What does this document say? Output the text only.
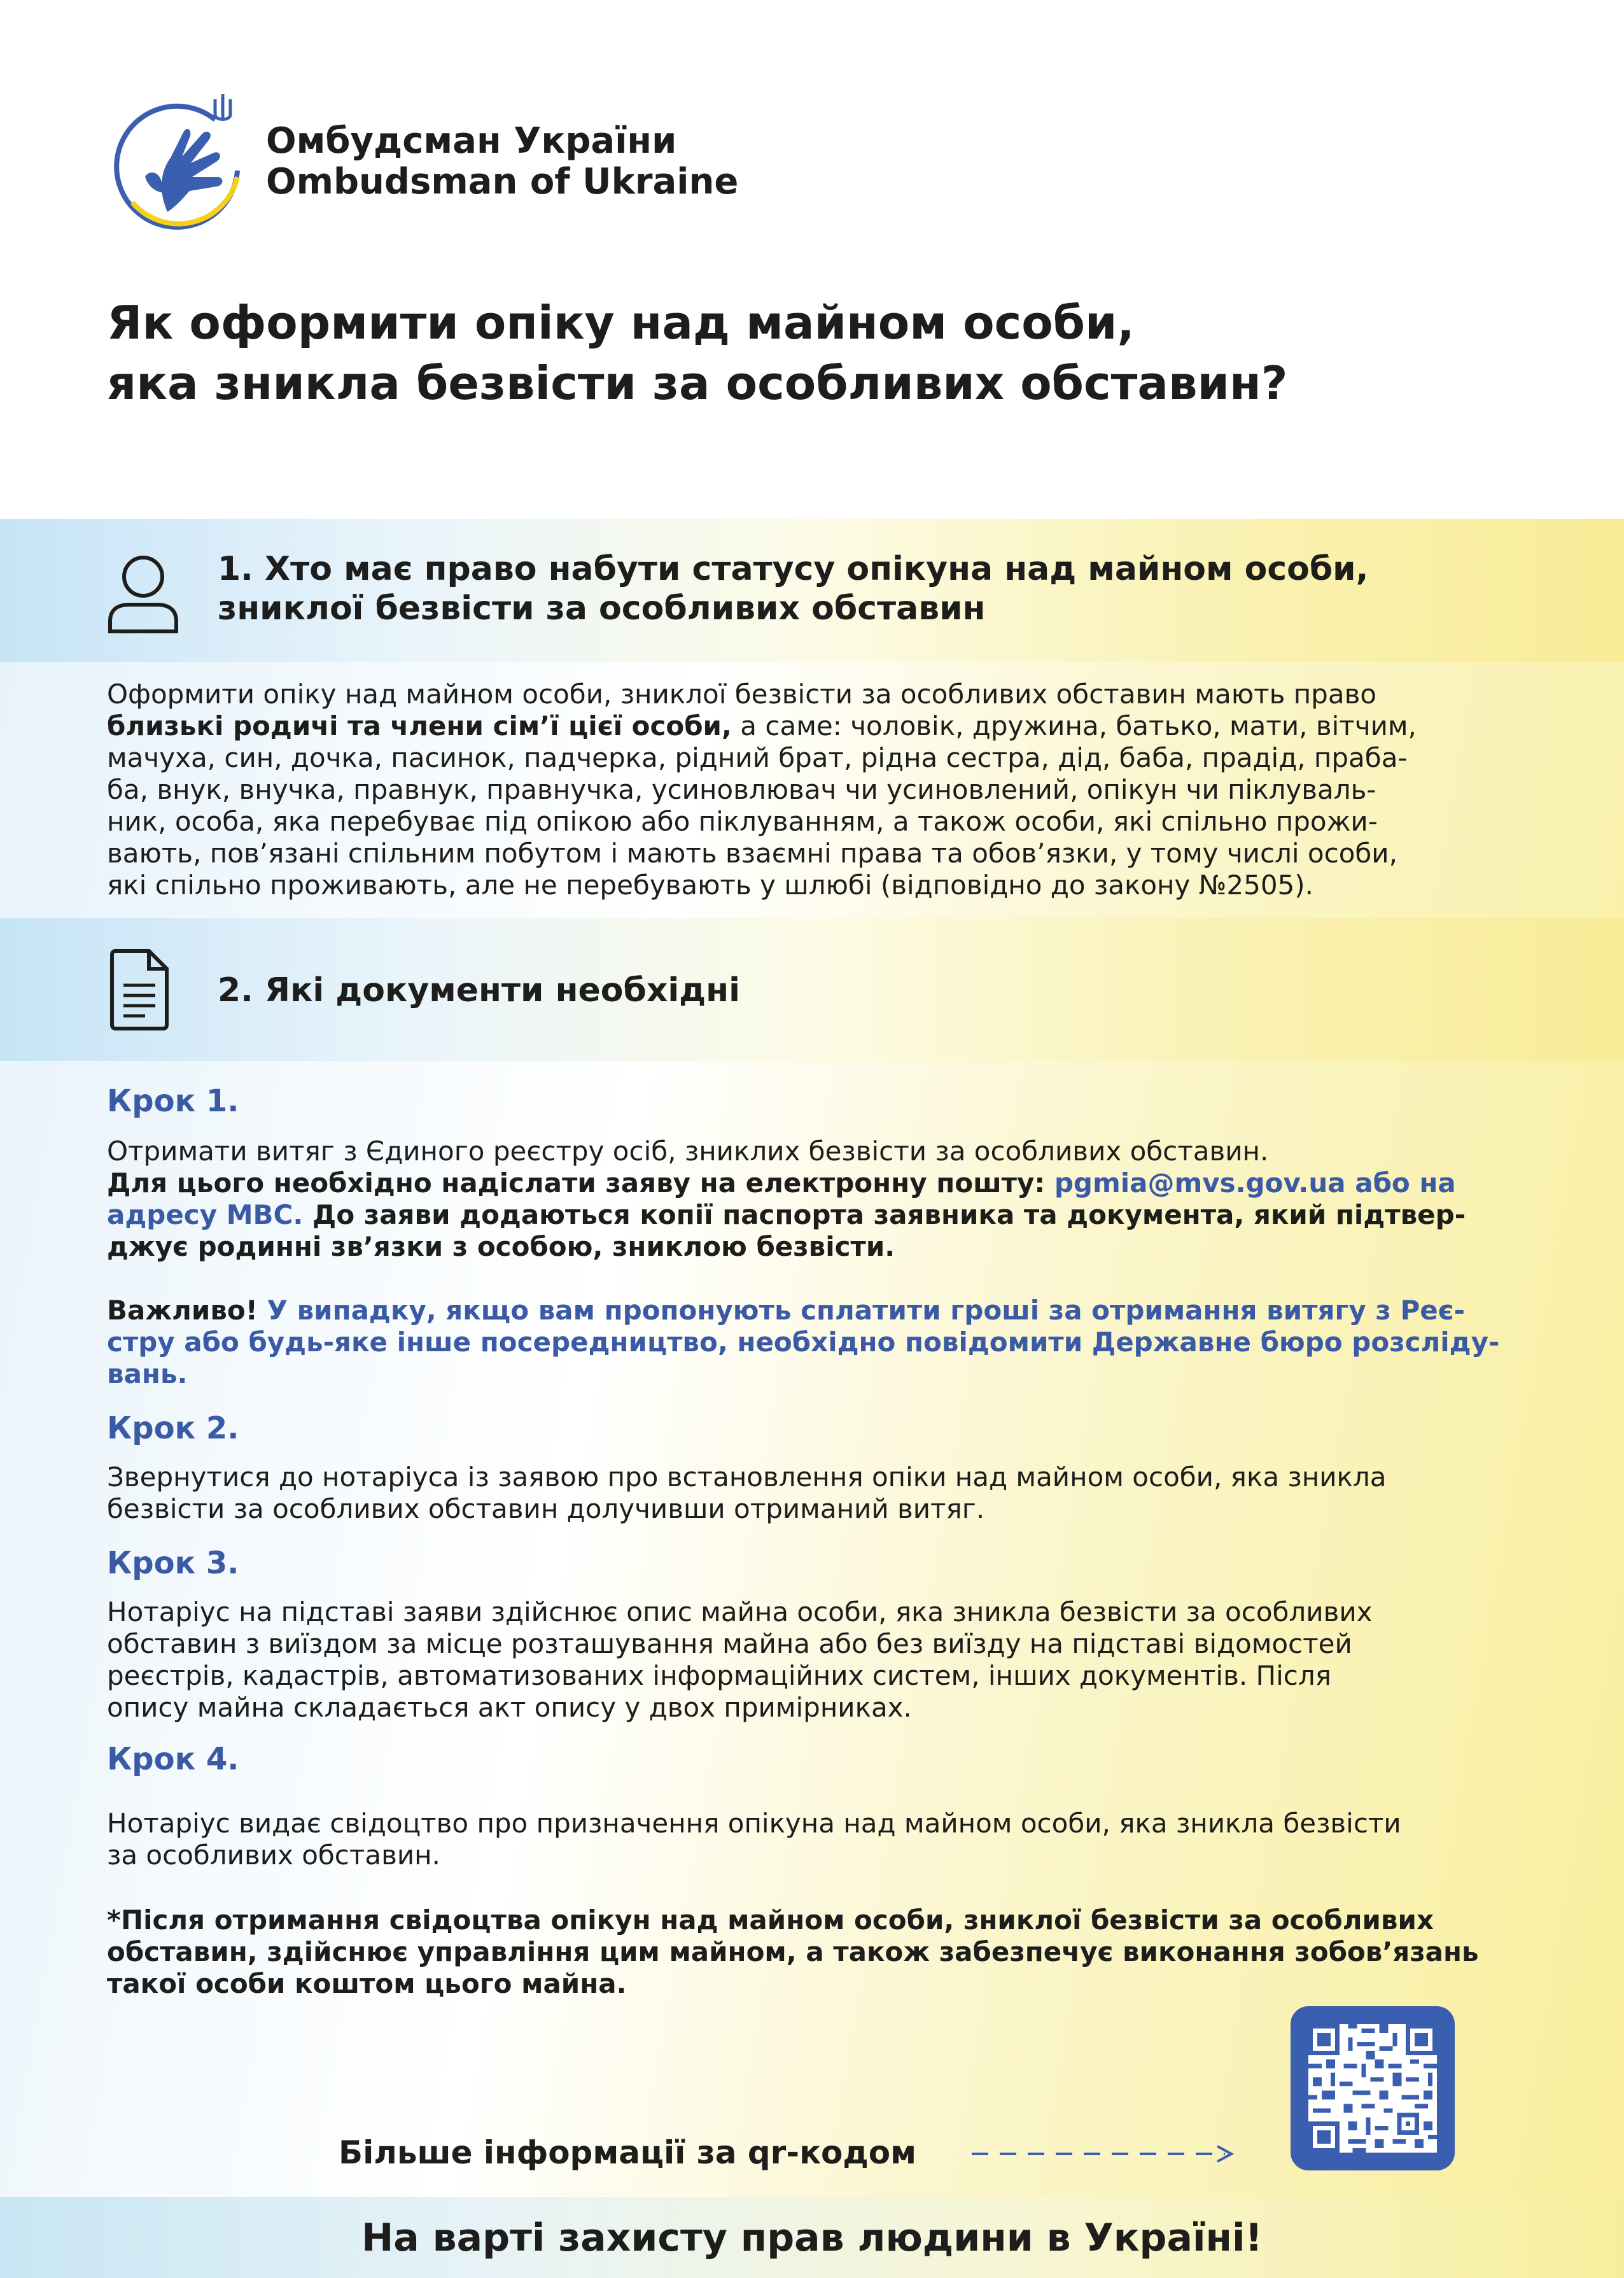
Омбудсман України
Ombudsman of Ukraine
Як оформити опіку над майном особи,
яка зникла безвісти за особливих обставин?
1. Хто має право набути статусу опікуна над майном особи,
зниклої безвісти за особливих обставин
Оформити опіку над майном особи, зниклої безвісти за особливих обставин мають право
близькі родичі та члени сім’ї цієї особи, а саме: чоловік, дружина, батько, мати, вітчим,
мачуха, син, дочка, пасинок, падчерка, рідний брат, рідна сестра, дід, баба, прадід, праба-
ба, внук, внучка, правнук, правнучка, усиновлювач чи усиновлений, опікун чи піклуваль-
ник, особа, яка перебуває під опікою або піклуванням, а також особи, які спільно прожи-
вають, пов’язані спільним побутом і мають взаємні права та обов’язки, у тому числі особи,
які спільно проживають, але не перебувають у шлюбі (відповідно до закону №2505).
2. Які документи необхідні
Крок 1.
Отримати витяг з Єдиного реєстру осіб, зниклих безвісти за особливих обставин.
Для цього необхідно надіслати заяву на електронну пошту: pgmia@mvs.gov.ua або на
адресу МВС. До заяви додаються копії паспорта заявника та документа, який підтвер-
джує родинні зв’язки з особою, зниклою безвісти.
Важливо! У випадку, якщо вам пропонують сплатити гроші за отримання витягу з Реє-
стру або будь-яке інше посередництво, необхідно повідомити Державне бюро розсліду-
вань.
Крок 2.
Звернутися до нотаріуса із заявою про встановлення опіки над майном особи, яка зникла
безвісти за особливих обставин долучивши отриманий витяг.
Крок 3.
Нотаріус на підставі заяви здійснює опис майна особи, яка зникла безвісти за особливих
обставин з виїздом за місце розташування майна або без виїзду на підставі відомостей
реєстрів, кадастрів, автоматизованих інформаційних систем, інших документів. Після
опису майна складається акт опису у двох примірниках.
Крок 4.
Нотаріус видає свідоцтво про призначення опікуна над майном особи, яка зникла безвісти
за особливих обставин.
*Після отримання свідоцтва опікун над майном особи, зниклої безвісти за особливих
обставин, здійснює управління цим майном, а також забезпечує виконання зобов’язань
такої особи коштом цього майна.
Більше інформації за qr-кодом
На варті захисту прав людини в Україні!
